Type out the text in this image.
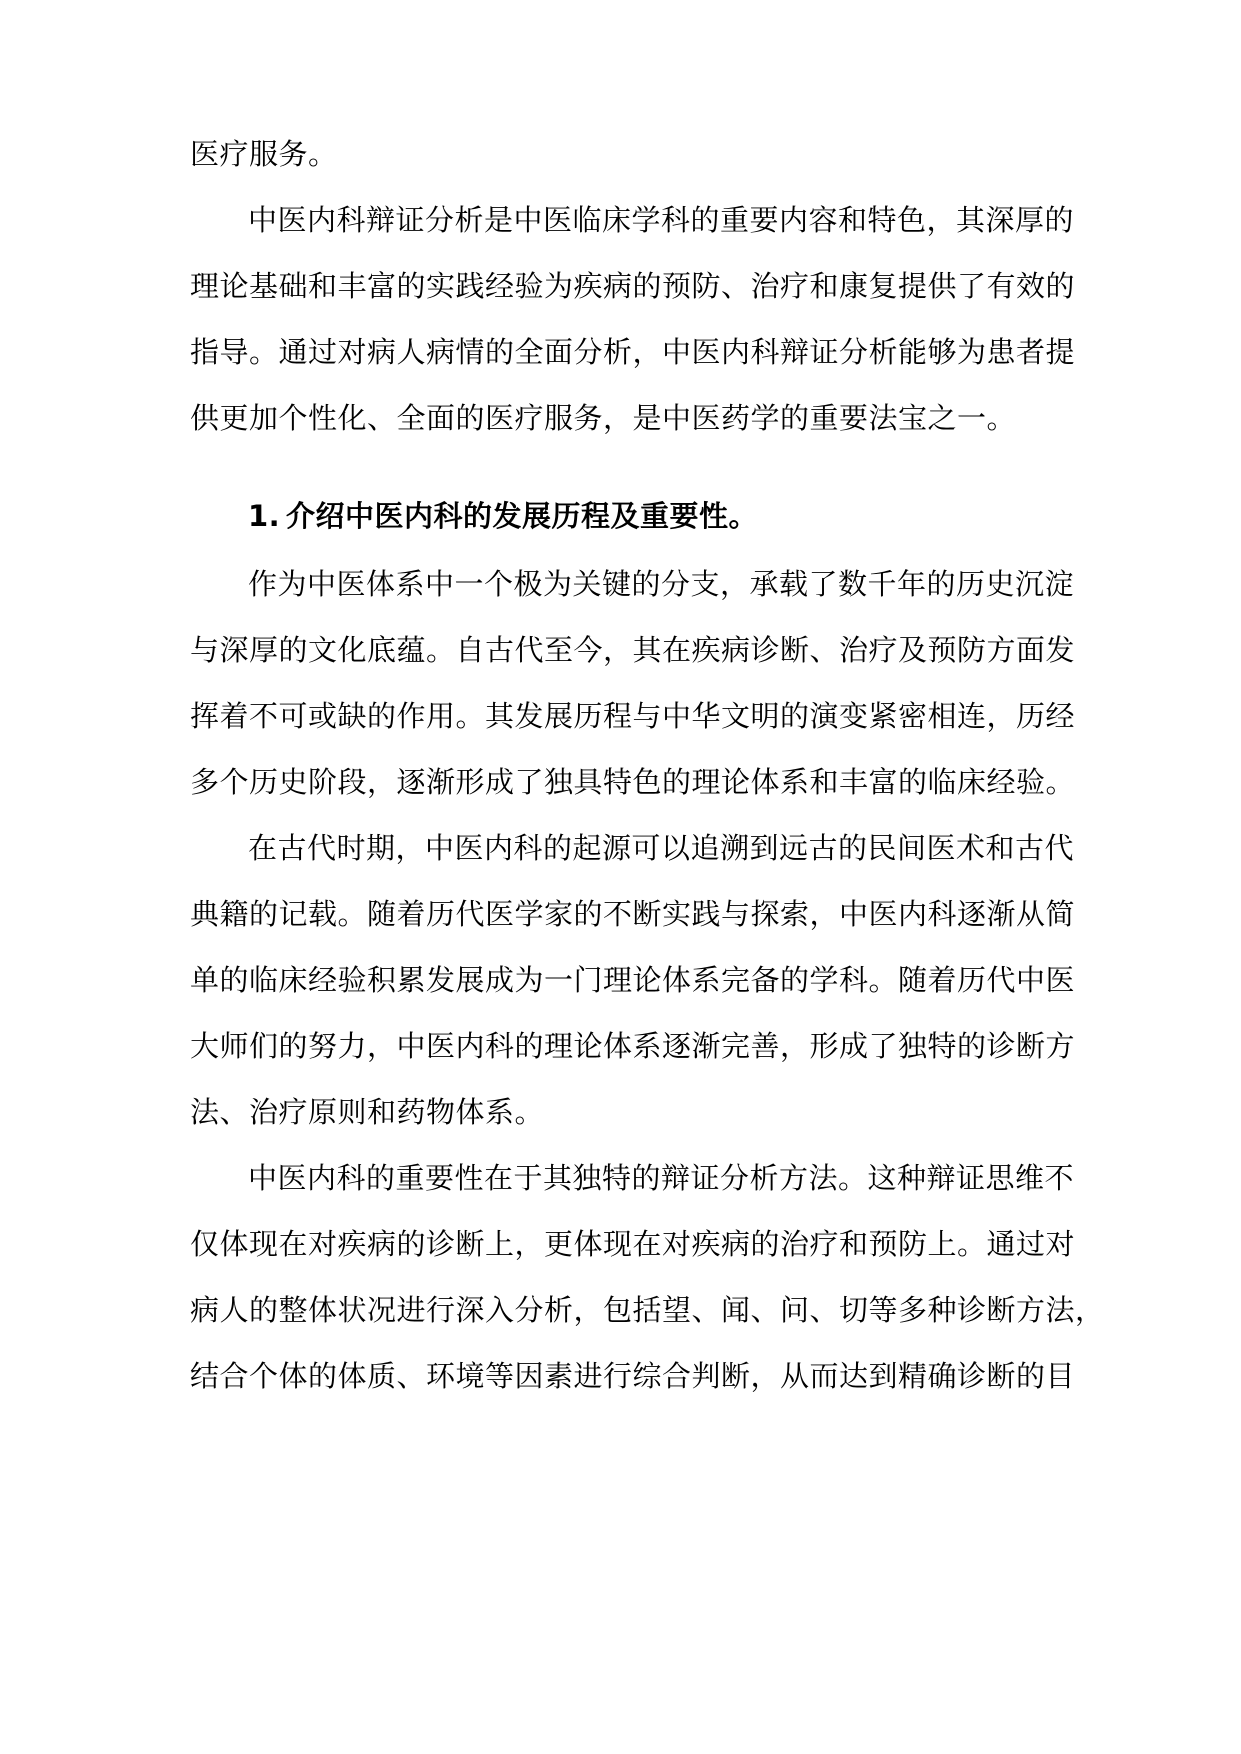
医疗服务。
中医内科辩证分析是中医临床学科的重要内容和特色，其深厚的
理论基础和丰富的实践经验为疾病的预防、治疗和康复提供了有效的
指导。通过对病人病情的全面分析，中医内科辩证分析能够为患者提
供更加个性化、全面的医疗服务，是中医药学的重要法宝之一。
1. 介绍中医内科的发展历程及重要性。
作为中医体系中一个极为关键的分支，承载了数千年的历史沉淀
与深厚的文化底蕴。自古代至今，其在疾病诊断、治疗及预防方面发
挥着不可或缺的作用。其发展历程与中华文明的演变紧密相连，历经
多个历史阶段，逐渐形成了独具特色的理论体系和丰富的临床经验。
在古代时期，中医内科的起源可以追溯到远古的民间医术和古代
典籍的记载。随着历代医学家的不断实践与探索，中医内科逐渐从简
单的临床经验积累发展成为一门理论体系完备的学科。随着历代中医
大师们的努力，中医内科的理论体系逐渐完善，形成了独特的诊断方
法、治疗原则和药物体系。
中医内科的重要性在于其独特的辩证分析方法。这种辩证思维不
仅体现在对疾病的诊断上，更体现在对疾病的治疗和预防上。通过对
病人的整体状况进行深入分析，包括望、闻、问、切等多种诊断方法，
结合个体的体质、环境等因素进行综合判断，从而达到精确诊断的目
